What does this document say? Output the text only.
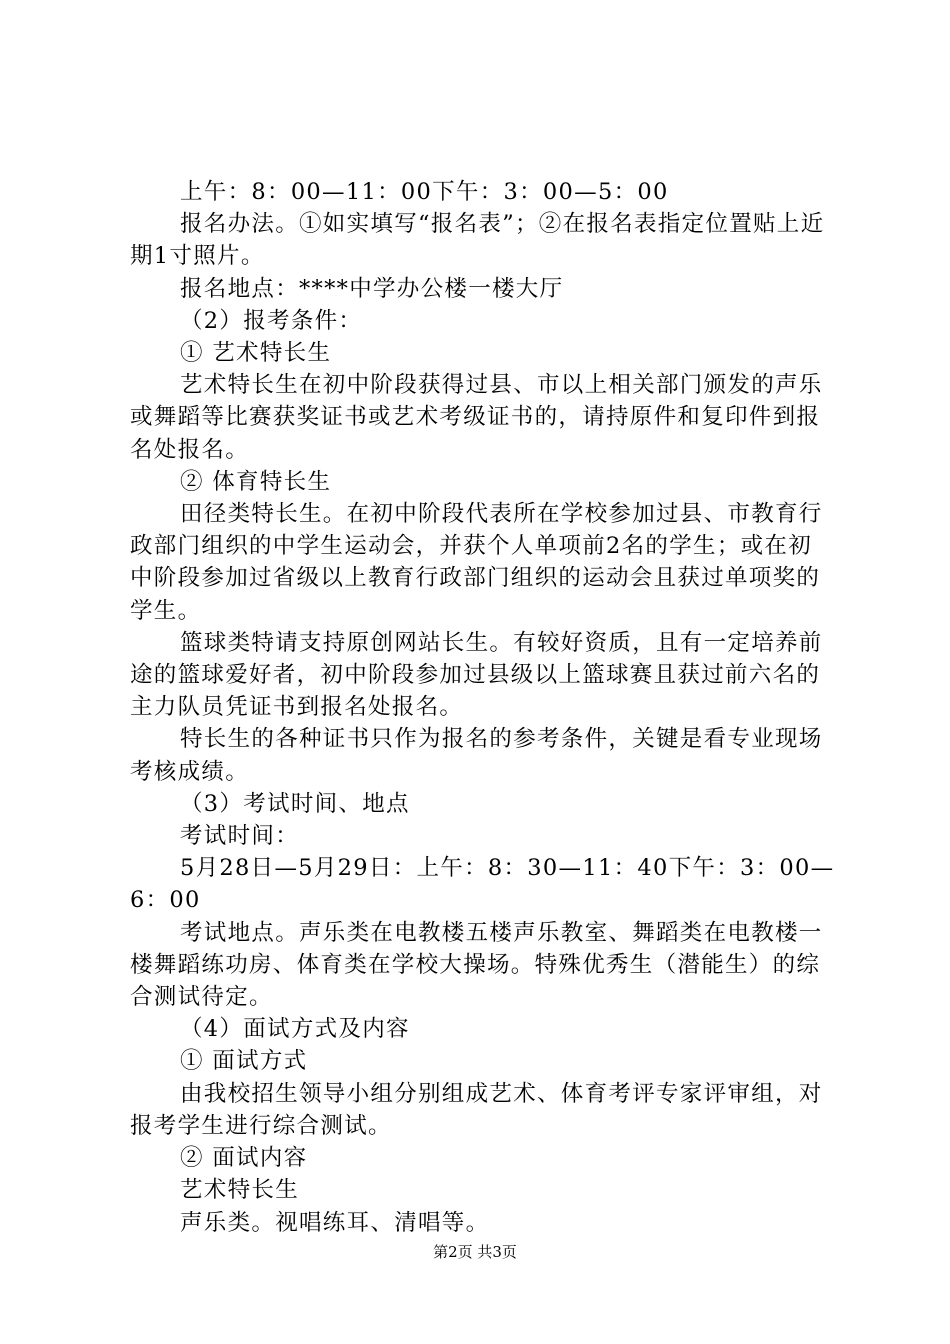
上午：8：00—11：00下午：3：00—5：00

报名办法。①如实填写“报名表”；②在报名表指定位置贴上近期1寸照片。

报名地点：****中学办公楼一楼大厅

（2）报考条件：

① 艺术特长生

艺术特长生在初中阶段获得过县、市以上相关部门颁发的声乐或舞蹈等比赛获奖证书或艺术考级证书的，请持原件和复印件到报名处报名。

② 体育特长生

田径类特长生。在初中阶段代表所在学校参加过县、市教育行政部门组织的中学生运动会，并获个人单项前2名的学生；或在初中阶段参加过省级以上教育行政部门组织的运动会且获过单项奖的学生。

篮球类特请支持原创网站长生。有较好资质，且有一定培养前途的篮球爱好者，初中阶段参加过县级以上篮球赛且获过前六名的主力队员凭证书到报名处报名。

特长生的各种证书只作为报名的参考条件，关键是看专业现场考核成绩。

（3）考试时间、地点

考试时间：

5月28日—5月29日：上午：8：30—11：40下午：3：00—6：00

考试地点。声乐类在电教楼五楼声乐教室、舞蹈类在电教楼一楼舞蹈练功房、体育类在学校大操场。特殊优秀生（潜能生）的综合测试待定。

（4）面试方式及内容

① 面试方式

由我校招生领导小组分别组成艺术、体育考评专家评审组，对报考学生进行综合测试。

② 面试内容

艺术特长生

声乐类。视唱练耳、清唱等。

第2页 共3页
